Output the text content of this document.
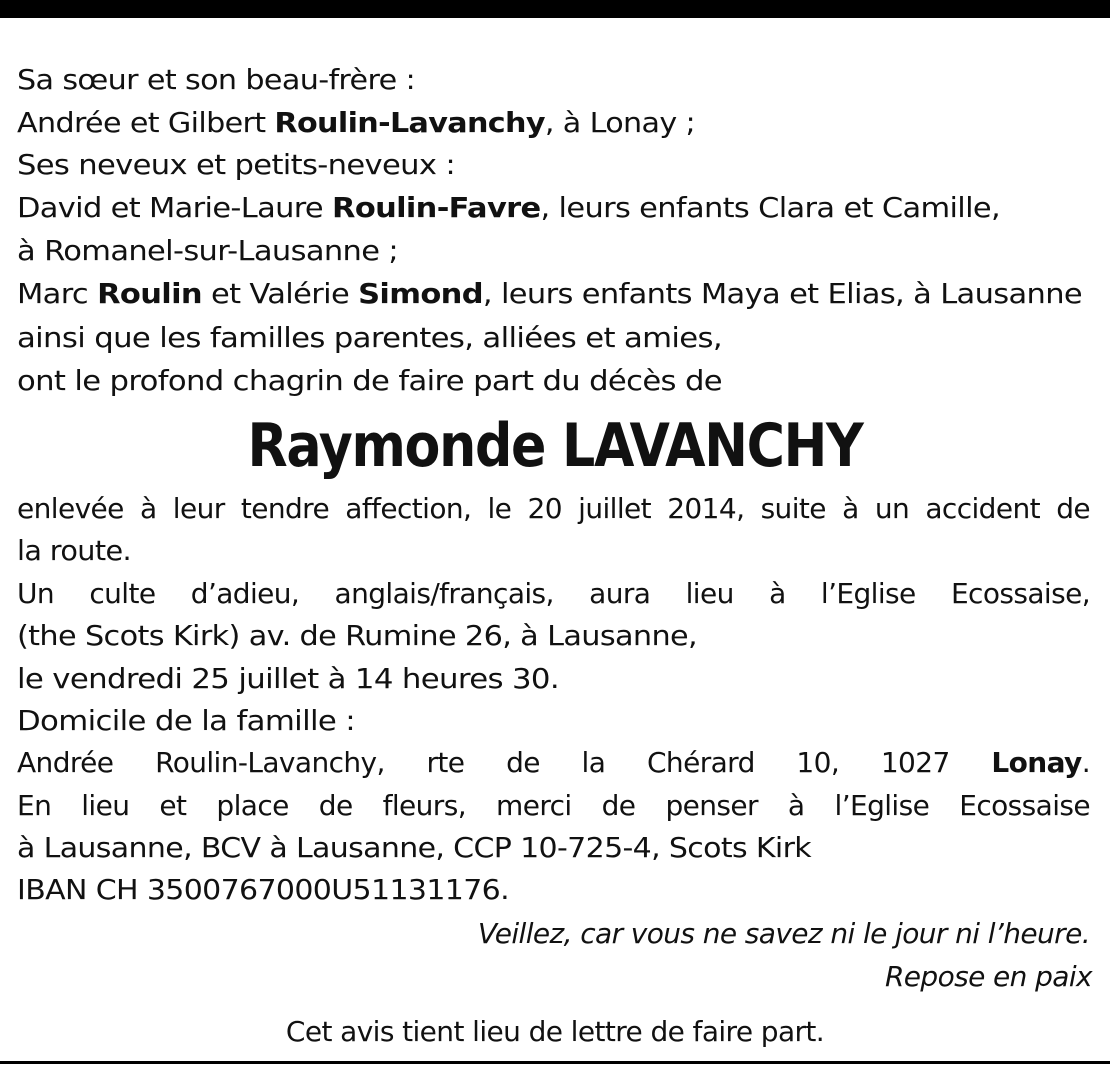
Sa sœur et son beau-frère :
Andrée et Gilbert Roulin-Lavanchy, à Lonay ;
Ses neveux et petits-neveux :
David et Marie-Laure Roulin-Favre, leurs enfants Clara et Camille,
à Romanel-sur-Lausanne ;
Marc Roulin et Valérie Simond, leurs enfants Maya et Elias, à Lausanne
ainsi que les familles parentes, alliées et amies,
ont le profond chagrin de faire part du décès de
Raymonde LAVANCHY
enlevée à leur tendre affection, le 20 juillet 2014, suite à un accident de
la route.
Un culte d’adieu, anglais/français, aura lieu à l’Eglise Ecossaise,
(the Scots Kirk) av. de Rumine 26, à Lausanne,
le vendredi 25 juillet à 14 heures 30.
Domicile de la famille :
Andrée Roulin-Lavanchy, rte de la Chérard 10, 1027 Lonay.
En lieu et place de fleurs, merci de penser à l’Eglise Ecossaise
à Lausanne, BCV à Lausanne, CCP 10-725-4, Scots Kirk
IBAN CH 3500767000U51131176.
Veillez, car vous ne savez ni le jour ni l’heure.
Repose en paix
Cet avis tient lieu de lettre de faire part.
